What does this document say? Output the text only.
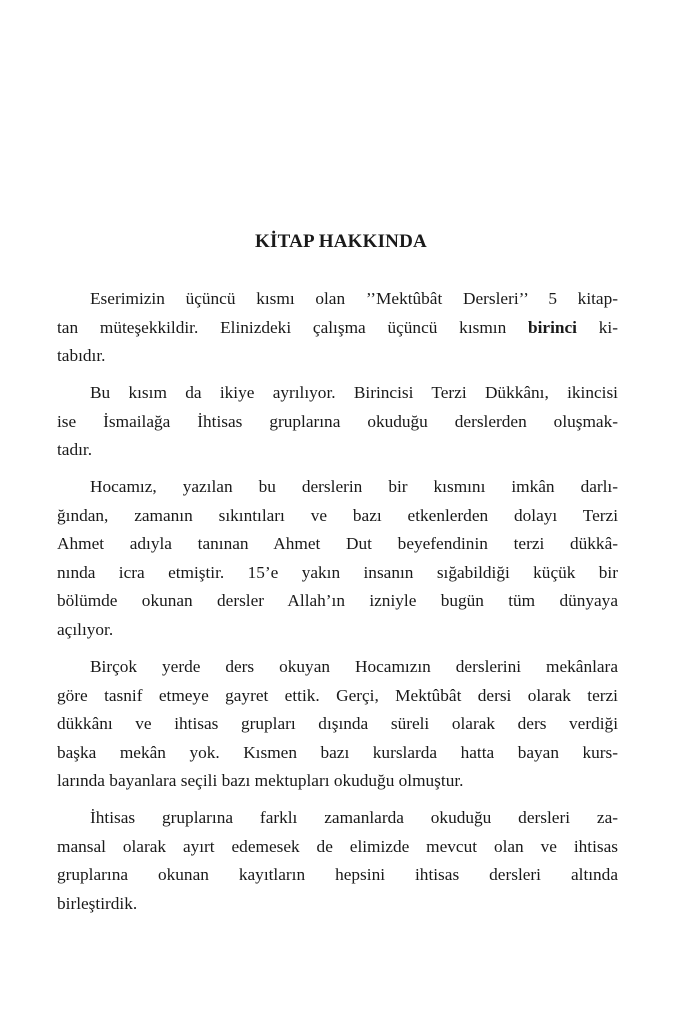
KİTAP HAKKINDA
Eserimizin üçüncü kısmı olan ’’Mektûbât Dersleri’’ 5 kitap-
tan müteşekkildir. Elinizdeki çalışma üçüncü kısmın birinci ki-
tabıdır.
Bu kısım da ikiye ayrılıyor. Birincisi Terzi Dükkânı, ikincisi
ise İsmailağa İhtisas gruplarına okuduğu derslerden oluşmak-
tadır.
Hocamız, yazılan bu derslerin bir kısmını imkân darlı-
ğından, zamanın sıkıntıları ve bazı etkenlerden dolayı Terzi
Ahmet adıyla tanınan Ahmet Dut beyefendinin terzi dükkâ-
nında icra etmiştir. 15’e yakın insanın sığabildiği küçük bir
bölümde okunan dersler Allah’ın izniyle bugün tüm dünyaya
açılıyor.
Birçok yerde ders okuyan Hocamızın derslerini mekânlara
göre tasnif etmeye gayret ettik. Gerçi, Mektûbât dersi olarak terzi
dükkânı ve ihtisas grupları dışında süreli olarak ders verdiği
başka mekân yok. Kısmen bazı kurslarda hatta bayan kurs-
larında bayanlara seçili bazı mektupları okuduğu olmuştur.
İhtisas gruplarına farklı zamanlarda okuduğu dersleri za-
mansal olarak ayırt edemesek de elimizde mevcut olan ve ihtisas
gruplarına okunan kayıtların hepsini ihtisas dersleri altında
birleştirdik.
